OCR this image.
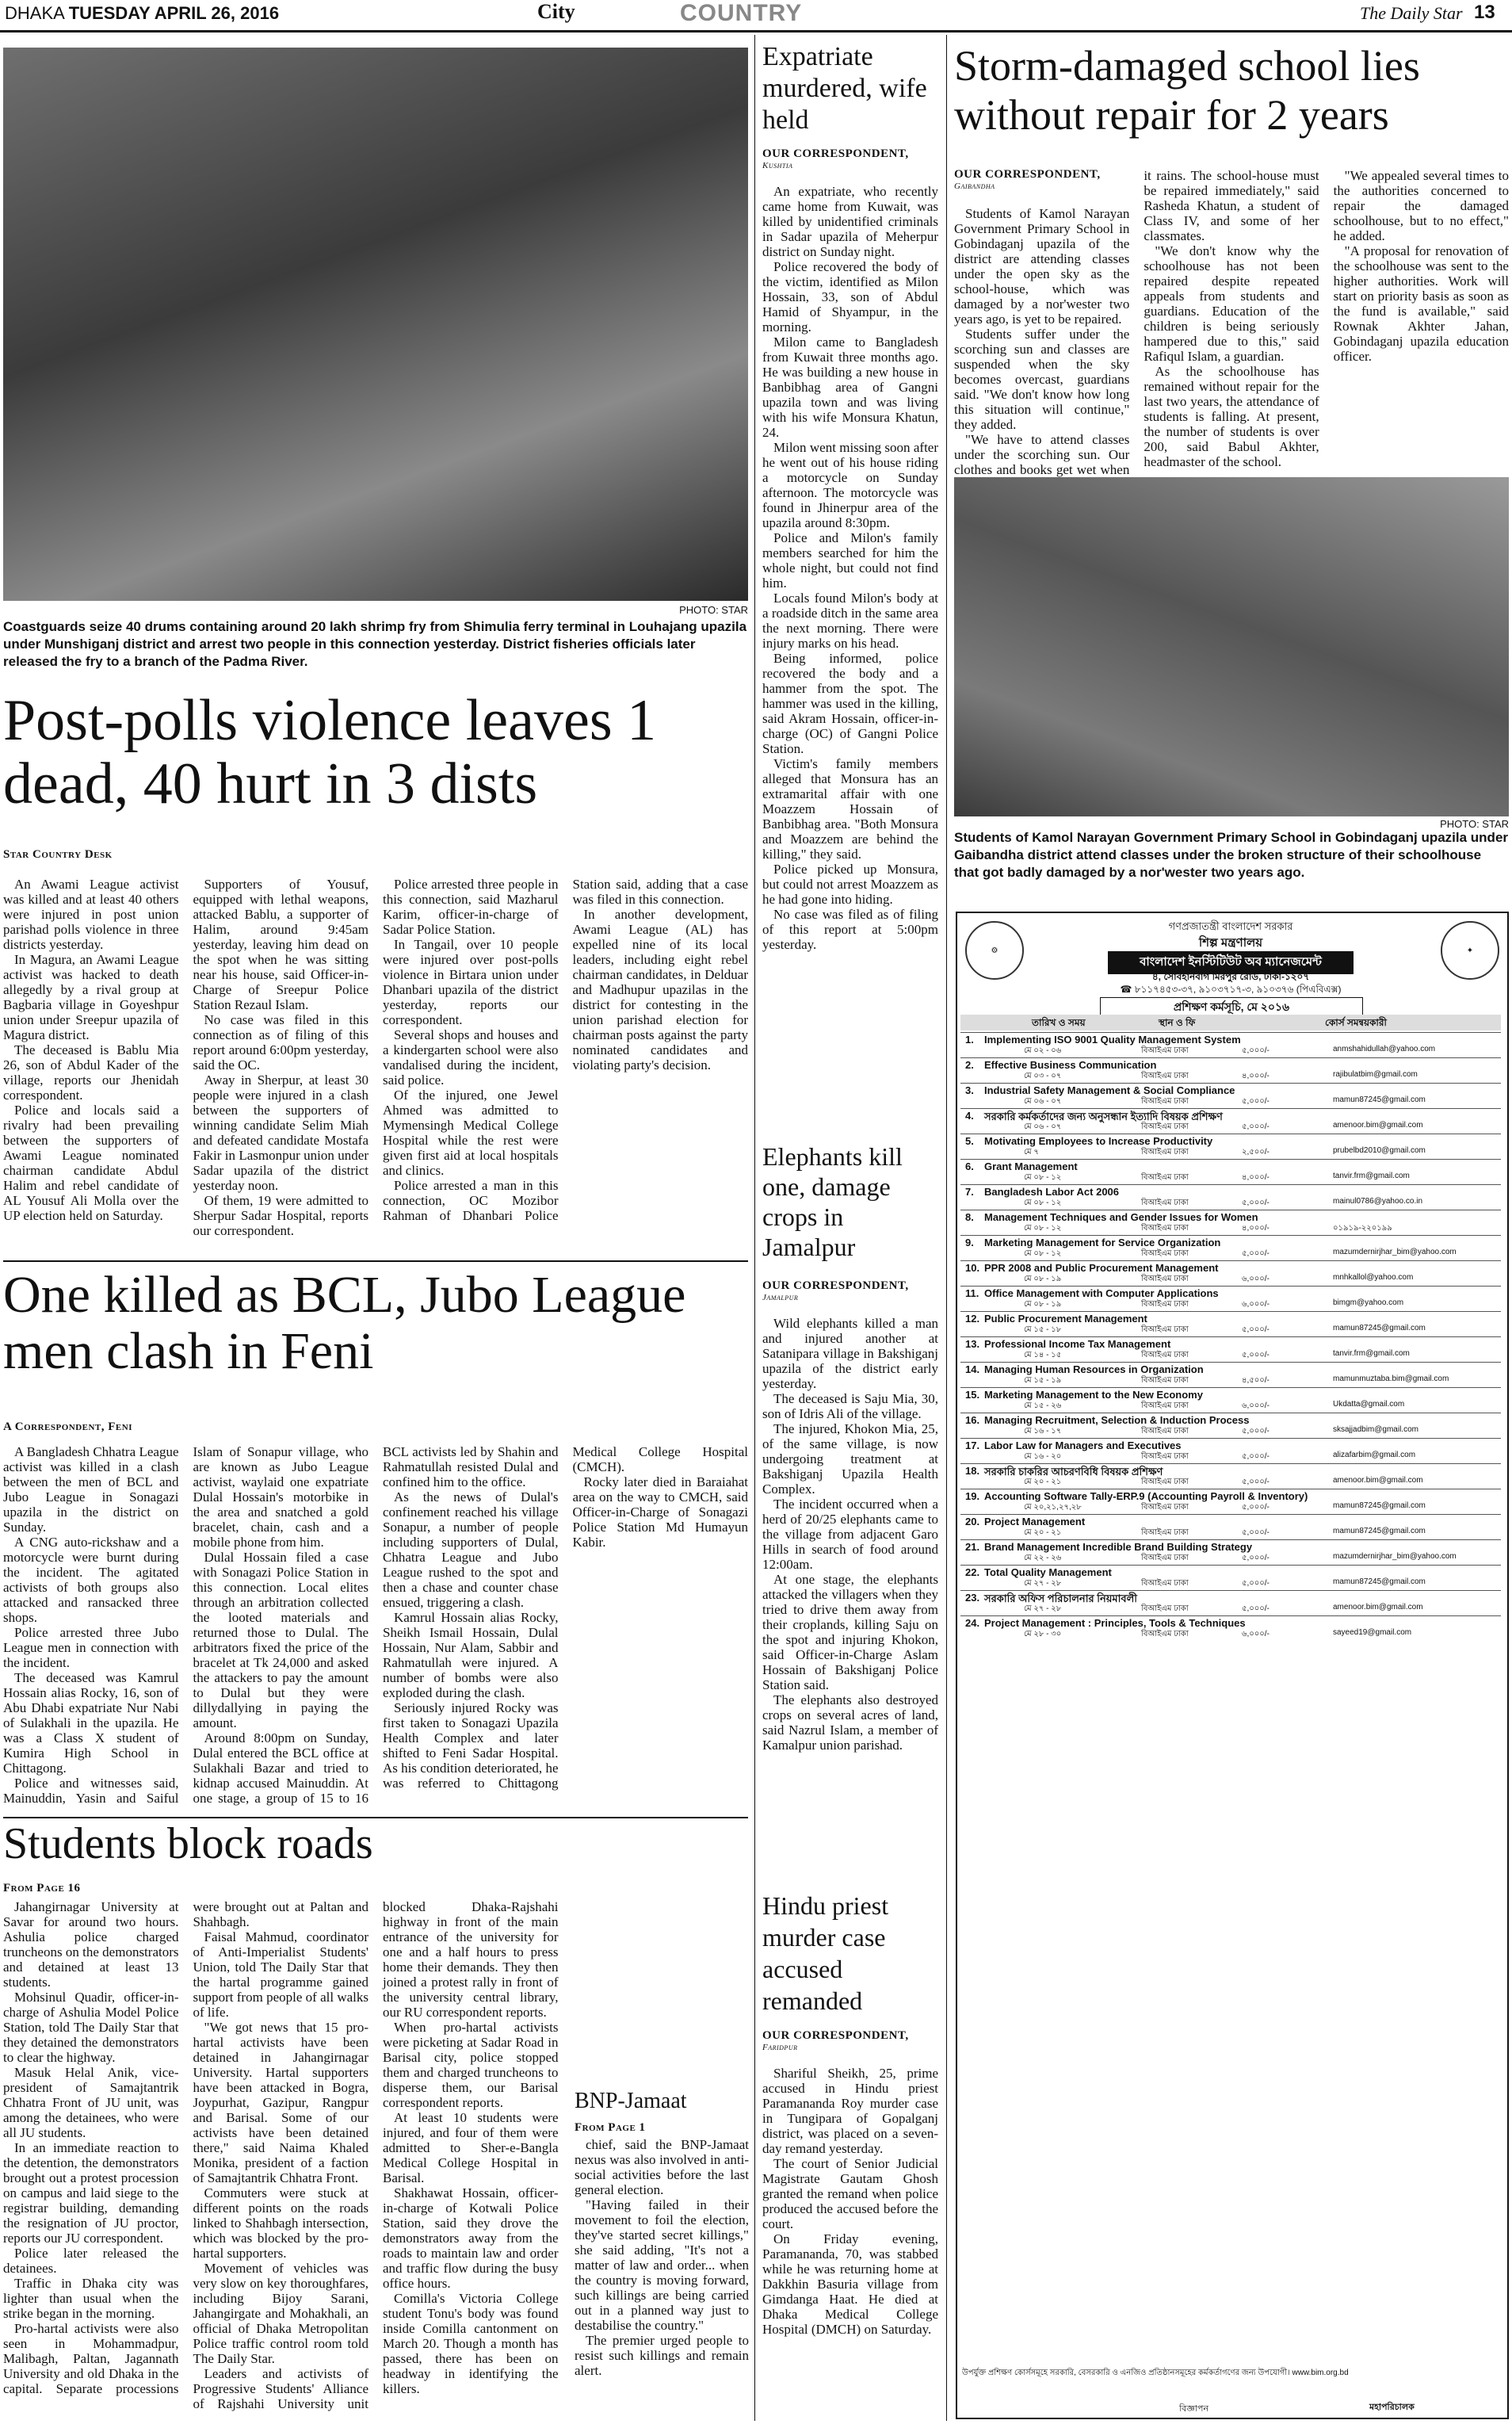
DHAKA TUESDAY APRIL 26, 2016	City	COUNTRY	The Daily Star 13
PHOTO: STAR
Coastguards seize 40 drums containing around 20 lakh shrimp fry from Shimulia ferry terminal in Louhajang upazila under Munshiganj district and arrest two people in this connection yesterday. District fisheries officials later released the fry to a branch of the Padma River.
Post-polls violence leaves 1 dead, 40 hurt in 3 dists
Star Country Desk

An Awami League activist was killed and at least 40 others were injured in post union parishad polls violence in three districts yesterday.

In Magura, an Awami League activist was hacked to death allegedly by a rival group at Bagbaria village in Goyeshpur union under Sreepur upazila of Magura district.

The deceased is Bablu Mia 26, son of Abdul Kader of the village, reports our Jhenidah correspondent.

Police and locals said a rivalry had been prevailing between the supporters of Awami League nominated chairman candidate Abdul Halim and rebel candidate of AL Yousuf Ali Molla over the UP election held on Saturday.

Supporters of Yousuf, equipped with lethal weapons, attacked Bablu, a supporter of Halim, around 9:45am yesterday, leaving him dead on the spot when he was sitting near his house, said Officer-in-Charge of Sreepur Police Station Rezaul Islam.

No case was filed in this connection as of filing of this report around 6:00pm yesterday, said the OC.

Away in Sherpur, at least 30 people were injured in a clash between the supporters of winning candidate Selim Miah and defeated candidate Mostafa Fakir in Lasmonpur union under Sadar upazila of the district yesterday noon.

Of them, 19 were admitted to Sherpur Sadar Hospital, reports our correspondent.

Police arrested three people in this connection, said Mazharul Karim, officer-in-charge of Sadar Police Station.

In Tangail, over 10 people were injured over post-polls violence in Birtara union under Dhanbari upazila of the district yesterday, reports our correspondent.

Several shops and houses and a kindergarten school were also vandalised during the incident, said police.

Of the injured, one Jewel Ahmed was admitted to Mymensingh Medical College Hospital while the rest were given first aid at local hospitals and clinics.

Police arrested a man in this connection, OC Mozibor Rahman of Dhanbari Police Station said, adding that a case was filed in this connection.

In another development, Awami League (AL) has expelled nine of its local leaders, including eight rebel chairman candidates, in Delduar and Madhupur upazilas in the district for contesting in the union parishad election for chairman posts against the party nominated candidates and violating party's decision.

One killed as BCL, Jubo League men clash in Feni
A Correspondent, Feni

A Bangladesh Chhatra League activist was killed in a clash between the men of BCL and Jubo League in Sonagazi upazila in the district on Sunday.

A CNG auto-rickshaw and a motorcycle were burnt during the incident. The agitated activists of both groups also attacked and ransacked three shops.

Police arrested three Jubo League men in connection with the incident.

The deceased was Kamrul Hossain alias Rocky, 16, son of Abu Dhabi expatriate Nur Nabi of Sulakhali in the upazila. He was a Class X student of Kumira High School in Chittagong.

Police and witnesses said, Mainuddin, Yasin and Saiful Islam of Sonapur village, who are known as Jubo League activist, waylaid one expatriate Dulal Hossain's motorbike in the area and snatched a gold bracelet, chain, cash and a mobile phone from him.

Dulal Hossain filed a case with Sonagazi Police Station in this connection. Local elites through an arbitration collected the looted materials and returned those to Dulal. The arbitrators fixed the price of the bracelet at Tk 24,000 and asked the attackers to pay the amount to Dulal but they were dillydallying in paying the amount.

Around 8:00pm on Sunday, Dulal entered the BCL office at Sulakhali Bazar and tried to kidnap accused Mainuddin. At one stage, a group of 15 to 16 BCL activists led by Shahin and Rahmatullah resisted Dulal and confined him to the office.

As the news of Dulal's confinement reached his village Sonapur, a number of people including supporters of Dulal, Chhatra League and Jubo League rushed to the spot and then a chase and counter chase ensued, triggering a clash.

Kamrul Hossain alias Rocky, Sheikh Ismail Hossain, Dulal Hossain, Nur Alam, Sabbir and Rahmatullah were injured. A number of bombs were also exploded during the clash.

Seriously injured Rocky was first taken to Sonagazi Upazila Health Complex and later shifted to Feni Sadar Hospital. As his condition deteriorated, he was referred to Chittagong Medical College Hospital (CMCH).

Rocky later died in Baraiahat area on the way to CMCH, said Officer-in-Charge of Sonagazi Police Station Md Humayun Kabir.

Students block roads
From Page 16

Jahangirnagar University at Savar for around two hours. Ashulia police charged truncheons on the demonstrators and detained at least 13 students.

Mohsinul Quadir, officer-in-charge of Ashulia Model Police Station, told The Daily Star that they detained the demonstrators to clear the highway.

Masuk Helal Anik, vice-president of Samajtantrik Chhatra Front of JU unit, was among the detainees, who were all JU students.

In an immediate reaction to the detention, the demonstrators brought out a protest procession on campus and laid siege to the registrar building, demanding the resignation of JU proctor, reports our JU correspondent.

Police later released the detainees.

Traffic in Dhaka city was lighter than usual when the strike began in the morning.

Pro-hartal activists were also seen in Mohammadpur, Malibagh, Paltan, Jagannath University and old Dhaka in the capital. Separate processions were brought out at Paltan and Shahbagh.

Faisal Mahmud, coordinator of Anti-Imperialist Students' Union, told The Daily Star that the hartal programme gained support from people of all walks of life.

"We got news that 15 pro-hartal activists have been detained in Jahangirnagar University. Hartal supporters have been attacked in Bogra, Joypurhat, Gazipur, Rangpur and Barisal. Some of our activists have been detained there," said Naima Khaled Monika, president of a faction of Samajtantrik Chhatra Front.

Commuters were stuck at different points on the roads linked to Shahbagh intersection, which was blocked by the pro-hartal supporters.

Movement of vehicles was very slow on key thoroughfares, including Bijoy Sarani, Jahangirgate and Mohakhali, an official of Dhaka Metropolitan Police traffic control room told The Daily Star.

Leaders and activists of Progressive Students' Alliance of Rajshahi University unit blocked Dhaka-Rajshahi highway in front of the main entrance of the university for one and a half hours to press home their demands. They then joined a protest rally in front of the university central library, our RU correspondent reports.

When pro-hartal activists were picketing at Sadar Road in Barisal city, police stopped them and charged truncheons to disperse them, our Barisal correspondent reports.

At least 10 students were injured, and four of them were admitted to Sher-e-Bangla Medical College Hospital in Barisal.

Shakhawat Hossain, officer-in-charge of Kotwali Police Station, said they drove the demonstrators away from the roads to maintain law and order and traffic flow during the busy office hours.

Comilla's Victoria College student Tonu's body was found inside Comilla cantonment on March 20. Though a month has passed, there has been on headway in identifying the killers.

Expatriate murdered, wife held
OUR CORRESPONDENT,
Kushtia

An expatriate, who recently came home from Kuwait, was killed by unidentified criminals in Sadar upazila of Meherpur district on Sunday night.

Police recovered the body of the victim, identified as Milon Hossain, 33, son of Abdul Hamid of Shyampur, in the morning.

Milon came to Bangladesh from Kuwait three months ago. He was building a new house in Banbibhag area of Gangni upazila town and was living with his wife Monsura Khatun, 24.

Milon went missing soon after he went out of his house riding a motorcycle on Sunday afternoon. The motorcycle was found in Jhinerpur area of the upazila around 8:30pm.

Police and Milon's family members searched for him the whole night, but could not find him.

Locals found Milon's body at a roadside ditch in the same area the next morning. There were injury marks on his head.

Being informed, police recovered the body and a hammer from the spot. The hammer was used in the killing, said Akram Hossain, officer-in-charge (OC) of Gangni Police Station.

Victim's family members alleged that Monsura has an extramarital affair with one Moazzem Hossain of Banbibhag area. "Both Monsura and Moazzem are behind the killing," they said.

Police picked up Monsura, but could not arrest Moazzem as he had gone into hiding.

No case was filed as of filing of this report at 5:00pm yesterday.

Elephants kill one, damage crops in Jamalpur
OUR CORRESPONDENT,
Jamalpur

Wild elephants killed a man and injured another at Satanipara village in Bakshiganj upazila of the district early yesterday.

The deceased is Saju Mia, 30, son of Idris Ali of the village.

The injured, Khokon Mia, 25, of the same village, is now undergoing treatment at Bakshiganj Upazila Health Complex.

The incident occurred when a herd of 20/25 elephants came to the village from adjacent Garo Hills in search of food around 12:00am.

At one stage, the elephants attacked the villagers when they tried to drive them away from their croplands, killing Saju on the spot and injuring Khokon, said Officer-in-Charge Aslam Hossain of Bakshiganj Police Station said.

The elephants also destroyed crops on several acres of land, said Nazrul Islam, a member of Kamalpur union parishad.

Hindu priest murder case accused remanded
OUR CORRESPONDENT,
Faridpur

Shariful Sheikh, 25, prime accused in Hindu priest Paramananda Roy murder case in Tungipara of Gopalganj district, was placed on a seven-day remand yesterday.

The court of Senior Judicial Magistrate Gautam Ghosh granted the remand when police produced the accused before the court.

On Friday evening, Paramananda, 70, was stabbed while he was returning home at Dakkhin Basuria village from Gimdanga Haat. He died at Dhaka Medical College Hospital (DMCH) on Saturday.

BNP-Jamaat
From Page 1

chief, said the BNP-Jamaat nexus was also involved in anti-social activities before the last general election.

"Having failed in their movement to foil the election, they've started secret killings," she said adding, "It's not a matter of law and order... when the country is moving forward, such killings are being carried out in a planned way just to destabilise the country."

The premier urged people to resist such killings and remain alert.

Storm-damaged school lies without repair for 2 years
OUR CORRESPONDENT,
Gaibandha

Students of Kamol Narayan Government Primary School in Gobindaganj upazila of the district are attending classes under the open sky as the school-house, which was damaged by a nor'wester two years ago, is yet to be repaired.

Students suffer under the scorching sun and classes are suspended when the sky becomes overcast, guardians said. "We don't know how long this situation will continue," they added.

"We have to attend classes under the scorching sun. Our clothes and books get wet when it rains. The school-house must be repaired immediately," said Rasheda Khatun, a student of Class IV, and some of her classmates.

"We don't know why the schoolhouse has not been repaired despite repeated appeals from students and guardians. Education of the children is being seriously hampered due to this," said Rafiqul Islam, a guardian.

As the schoolhouse has remained without repair for the last two years, the attendance of students is falling. At present, the number of students is over 200, said Babul Akhter, headmaster of the school.

"We appealed several times to the authorities concerned to repair the damaged schoolhouse, but to no effect," he added.

"A proposal for renovation of the schoolhouse was sent to the higher authorities. Work will start on priority basis as soon as the fund is available," said Rownak Akhter Jahan, Gobindaganj upazila education officer.

PHOTO: STAR
Students of Kamol Narayan Government Primary School in Gobindaganj upazila under Gaibandha district attend classes under the broken structure of their schoolhouse that got badly damaged by a nor'wester two years ago.
⚙	✦
গণপ্রজাতন্ত্রী বাংলাদেশ সরকার
শিল্প মন্ত্রণালয়
বাংলাদেশ ইনস্টিটিউট অব ম্যানেজমেন্ট
৪, সোবহানবাগ মিরপুর রোড, ঢাকা-১২০৭
☎ ৮১১৭৪৫৩-৩৭, ৯১০৩৭১৭-৩, ৯১০৩৭৬ (পিএবিএক্স)
প্রশিক্ষণ কর্মসূচি, মে ২০১৬
তারিখ ও সময়	স্থান ও ফি	কোর্স সমন্বয়কারী
1. Implementing ISO 9001 Quality Management System
মে ০২ - ০৬	বিআইএম ঢাকা	৫,০০০/-	anmshahidullah@yahoo.com
2. Effective Business Communication
মে ০৩ - ০৭	বিআইএম ঢাকা	৪,০০০/-	rajibulatbim@gmail.com
3. Industrial Safety Management & Social Compliance
মে ০৬ - ০৭	বিআইএম ঢাকা	৫,০০০/-	mamun87245@gmail.com
4. সরকারি কর্মকর্তাদের জন্য অনুসন্ধান ইত্যাদি বিষয়ক প্রশিক্ষণ
মে ০৬ - ০৭	বিআইএম ঢাকা	৫,০০০/-	amenoor.bim@gmail.com
5. Motivating Employees to Increase Productivity
মে ৭	বিআইএম ঢাকা	২,৫০০/-	prubelbd2010@gmail.com
6. Grant Management
মে ০৮ - ১২	বিআইএম ঢাকা	৪,০০০/-	tanvir.frm@gmail.com
7. Bangladesh Labor Act 2006
মে ০৮ - ১২	বিআইএম ঢাকা	৫,০০০/-	mainul0786@yahoo.co.in
8. Management Techniques and Gender Issues for Women
মে ০৮ - ১২	বিআইএম ঢাকা	৪,০০০/-	০১৯১৯-২২০১৯৯
9. Marketing Management for Service Organization
মে ০৮ - ১২	বিআইএম ঢাকা	৫,০০০/-	mazumdernirjhar_bim@yahoo.com
10. PPR 2008 and Public Procurement Management
মে ০৮ - ১৯	বিআইএম ঢাকা	৬,০০০/-	mnhkallol@yahoo.com
11. Office Management with Computer Applications
মে ০৮ - ১৯	বিআইএম ঢাকা	৬,০০০/-	bimgm@yahoo.com
12. Public Procurement Management
মে ১৫ - ১৮	বিআইএম ঢাকা	৫,০০০/-	mamun87245@gmail.com
13. Professional Income Tax Management
মে ১৪ - ১৫	বিআইএম ঢাকা	৫,০০০/-	tanvir.frm@gmail.com
14. Managing Human Resources in Organization
মে ১৫ - ১৯	বিআইএম ঢাকা	৪,৫০০/-	mamunmuztaba.bim@gmail.com
15. Marketing Management to the New Economy
মে ১৫ - ২৬	বিআইএম ঢাকা	৬,০০০/-	Ukdatta@gmail.com
16. Managing Recruitment, Selection & Induction Process
মে ১৬ - ১৭	বিআইএম ঢাকা	৫,০০০/-	sksajjadbim@gmail.com
17. Labor Law for Managers and Executives
মে ১৬ - ২০	বিআইএম ঢাকা	৫,০০০/-	alizafarbim@gmail.com
18. সরকারি চাকরির আচরণবিধি বিষয়ক প্রশিক্ষণ
মে ২০ - ২১	বিআইএম ঢাকা	৫,০০০/-	amenoor.bim@gmail.com
19. Accounting Software Tally-ERP.9 (Accounting Payroll & Inventory)
মে ২০,২১,২৭,২৮	বিআইএম ঢাকা	৫,০০০/-	mamun87245@gmail.com
20. Project Management
মে ২০ - ২১	বিআইএম ঢাকা	৫,০০০/-	mamun87245@gmail.com
21. Brand Management Incredible Brand Building Strategy
মে ২২ - ২৬	বিআইএম ঢাকা	৫,০০০/-	mazumdernirjhar_bim@yahoo.com
22. Total Quality Management
মে ২৭ - ২৮	বিআইএম ঢাকা	৫,০০০/-	mamun87245@gmail.com
23. সরকারি অফিস পরিচালনার নিয়মাবলী
মে ২৭ - ২৮	বিআইএম ঢাকা	৫,০০০/-	amenoor.bim@gmail.com
24. Project Management : Principles, Tools & Techniques
মে ২৮ - ৩০	বিআইএম ঢাকা	৬,০০০/-	sayeed19@gmail.com
উপর্যুক্ত প্রশিক্ষণ কোর্সসমূহে সরকারি, বেসরকারি ও এনজিও প্রতিষ্ঠানসমূহের কর্মকর্তাগণের জন্য উপযোগী। www.bim.org.bd
মহাপরিচালক
বিজ্ঞাপন
